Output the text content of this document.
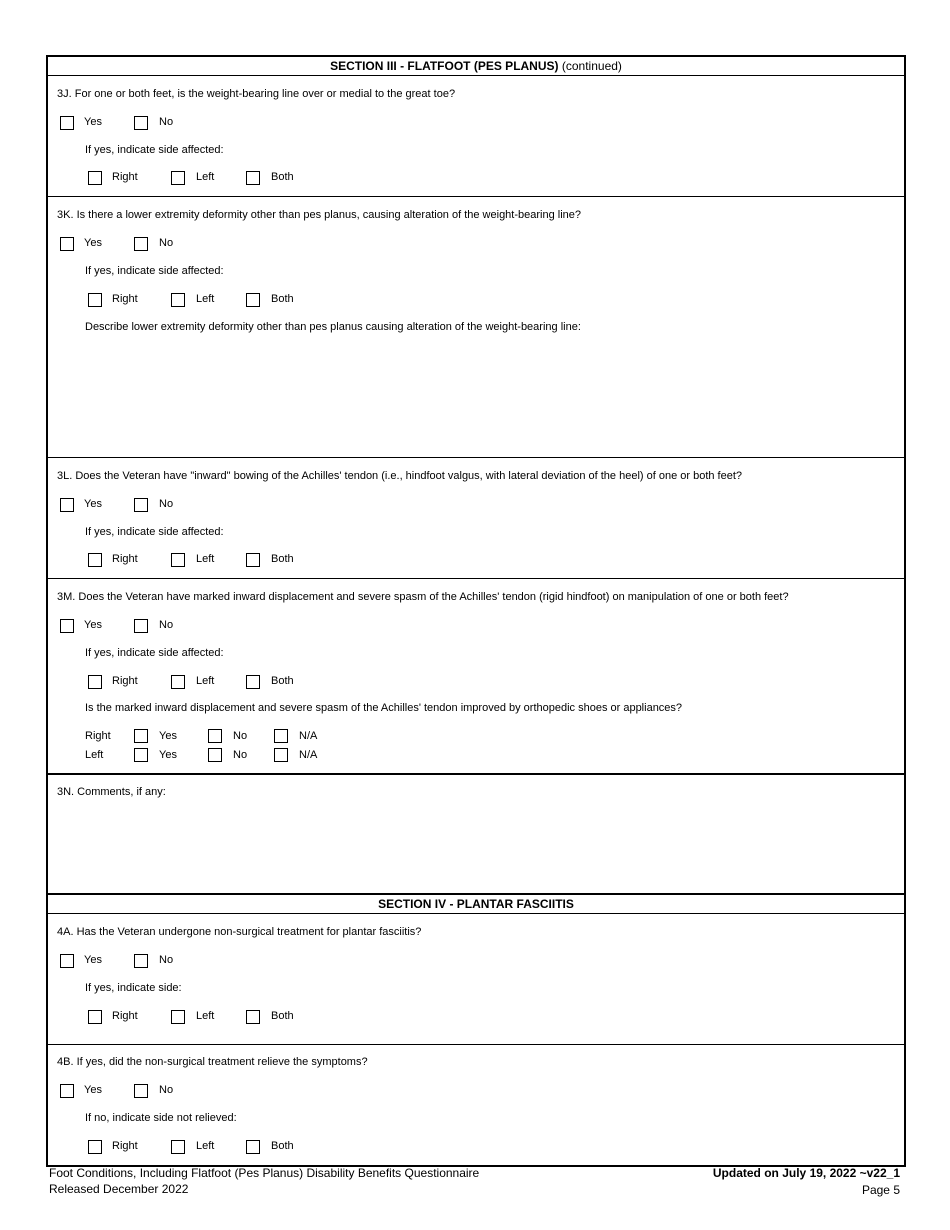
SECTION III - FLATFOOT (PES PLANUS) (continued)
3J. For one or both feet, is the weight-bearing line over or medial to the great toe?
Yes	No
If yes, indicate side affected:
Right	Left	Both
3K. Is there a lower extremity deformity other than pes planus, causing alteration of the weight-bearing line?
Yes	No
If yes, indicate side affected:
Right	Left	Both
Describe lower extremity deformity other than pes planus causing alteration of the weight-bearing line:
3L. Does the Veteran have "inward" bowing of the Achilles' tendon (i.e., hindfoot valgus, with lateral deviation of the heel) of one or both feet?
Yes	No
If yes, indicate side affected:
Right	Left	Both
3M. Does the Veteran have marked inward displacement and severe spasm of the Achilles' tendon (rigid hindfoot) on manipulation of one or both feet?
Yes	No
If yes, indicate side affected:
Right	Left	Both
Is the marked inward displacement and severe spasm of the Achilles' tendon improved by orthopedic shoes or appliances?
Right	Yes	No	N/A
Left	Yes	No	N/A
3N. Comments, if any:
SECTION IV - PLANTAR FASCIITIS
4A. Has the Veteran undergone non-surgical treatment for plantar fasciitis?
Yes	No
If yes, indicate side:
Right	Left	Both
4B. If yes, did the non-surgical treatment relieve the symptoms?
Yes	No
If no, indicate side not relieved:
Right	Left	Both
Foot Conditions, Including Flatfoot (Pes Planus) Disability Benefits Questionnaire
Released December 2022
Updated on July 19, 2022 ~v22_1
Page 5
